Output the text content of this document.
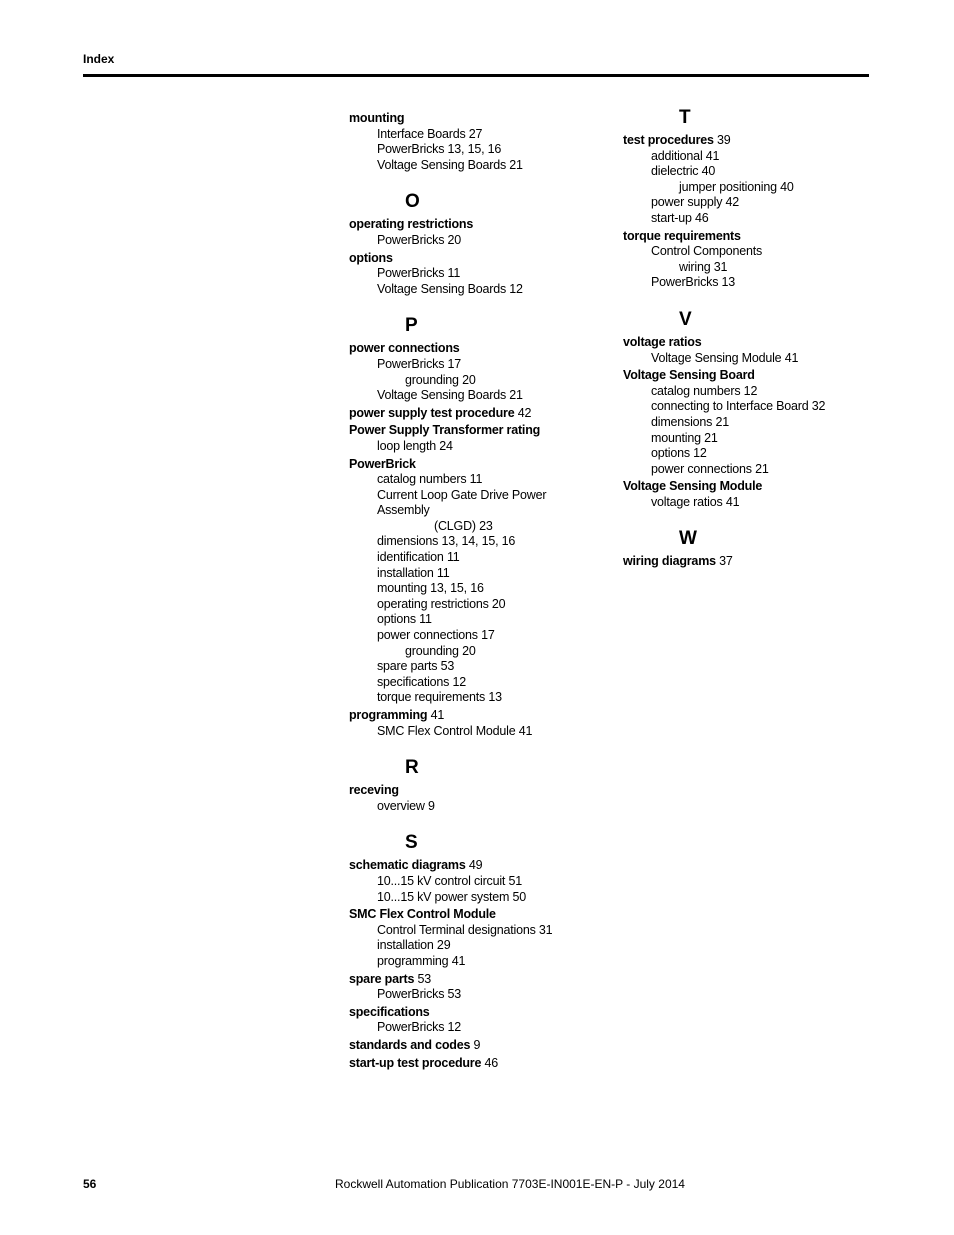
Index
mounting
Interface Boards 27
PowerBricks 13, 15, 16
Voltage Sensing Boards 21
O
operating restrictions
PowerBricks 20
options
PowerBricks 11
Voltage Sensing Boards 12
P
power connections
PowerBricks 17
grounding 20
Voltage Sensing Boards 21
power supply test procedure 42
Power Supply Transformer rating
loop length 24
PowerBrick
catalog numbers 11
Current Loop Gate Drive Power Assembly
(CLGD) 23
dimensions 13, 14, 15, 16
identification 11
installation 11
mounting 13, 15, 16
operating restrictions 20
options 11
power connections 17
grounding 20
spare parts 53
specifications 12
torque requirements 13
programming 41
SMC Flex Control Module 41
R
receving
overview 9
S
schematic diagrams 49
10...15 kV control circuit 51
10...15 kV power system 50
SMC Flex Control Module
Control Terminal designations 31
installation 29
programming 41
spare parts 53
PowerBricks 53
specifications
PowerBricks 12
standards and codes 9
start-up test procedure 46
T
test procedures 39
additional 41
dielectric 40
jumper positioning 40
power supply 42
start-up 46
torque requirements
Control Components
wiring 31
PowerBricks 13
V
voltage ratios
Voltage Sensing Module 41
Voltage Sensing Board
catalog numbers 12
connecting to Interface Board 32
dimensions 21
mounting 21
options 12
power connections 21
Voltage Sensing Module
voltage ratios 41
W
wiring diagrams 37
56	Rockwell Automation Publication 7703E-IN001E-EN-P - July 2014
